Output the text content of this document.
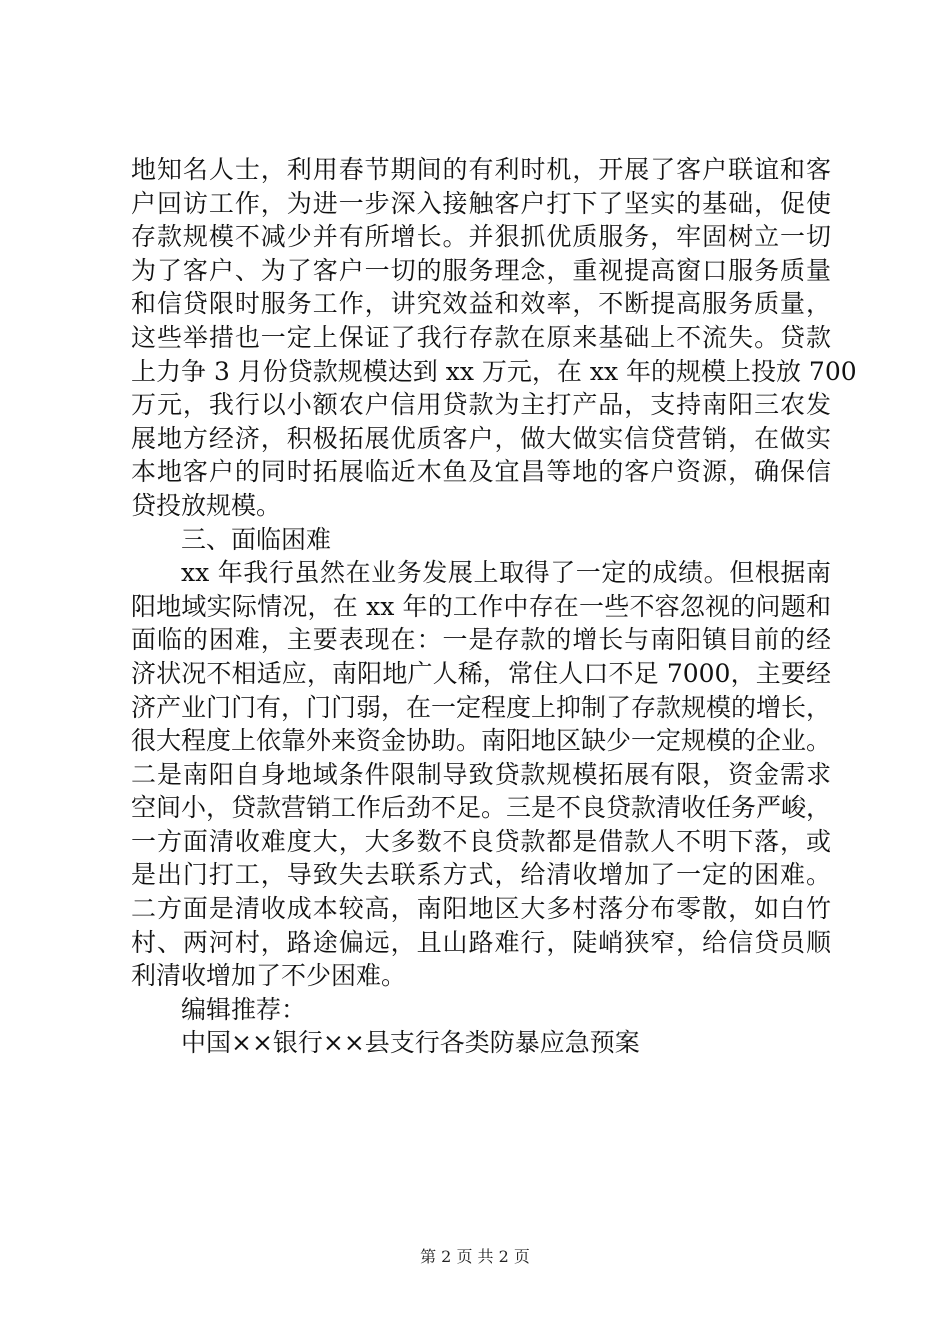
地知名人士，利用春节期间的有利时机，开展了客户联谊和客
户回访工作，为进一步深入接触客户打下了坚实的基础，促使
存款规模不减少并有所增长。并狠抓优质服务，牢固树立一切
为了客户、为了客户一切的服务理念，重视提高窗口服务质量
和信贷限时服务工作，讲究效益和效率，不断提高服务质量，
这些举措也一定上保证了我行存款在原来基础上不流失。贷款
上力争 3 月份贷款规模达到 xx 万元，在 xx 年的规模上投放 700
万元，我行以小额农户信用贷款为主打产品，支持南阳三农发
展地方经济，积极拓展优质客户，做大做实信贷营销，在做实
本地客户的同时拓展临近木鱼及宜昌等地的客户资源，确保信
贷投放规模。
三、面临困难
xx 年我行虽然在业务发展上取得了一定的成绩。但根据南
阳地域实际情况，在 xx 年的工作中存在一些不容忽视的问题和
面临的困难，主要表现在：一是存款的增长与南阳镇目前的经
济状况不相适应，南阳地广人稀，常住人口不足 7000，主要经
济产业门门有，门门弱，在一定程度上抑制了存款规模的增长，
很大程度上依靠外来资金协助。南阳地区缺少一定规模的企业。
二是南阳自身地域条件限制导致贷款规模拓展有限，资金需求
空间小，贷款营销工作后劲不足。三是不良贷款清收任务严峻，
一方面清收难度大，大多数不良贷款都是借款人不明下落，或
是出门打工，导致失去联系方式，给清收增加了一定的困难。
二方面是清收成本较高，南阳地区大多村落分布零散，如白竹
村、两河村，路途偏远，且山路难行，陡峭狭窄，给信贷员顺
利清收增加了不少困难。
编辑推荐：
中国××银行××县支行各类防暴应急预案
第 2 页 共 2 页
